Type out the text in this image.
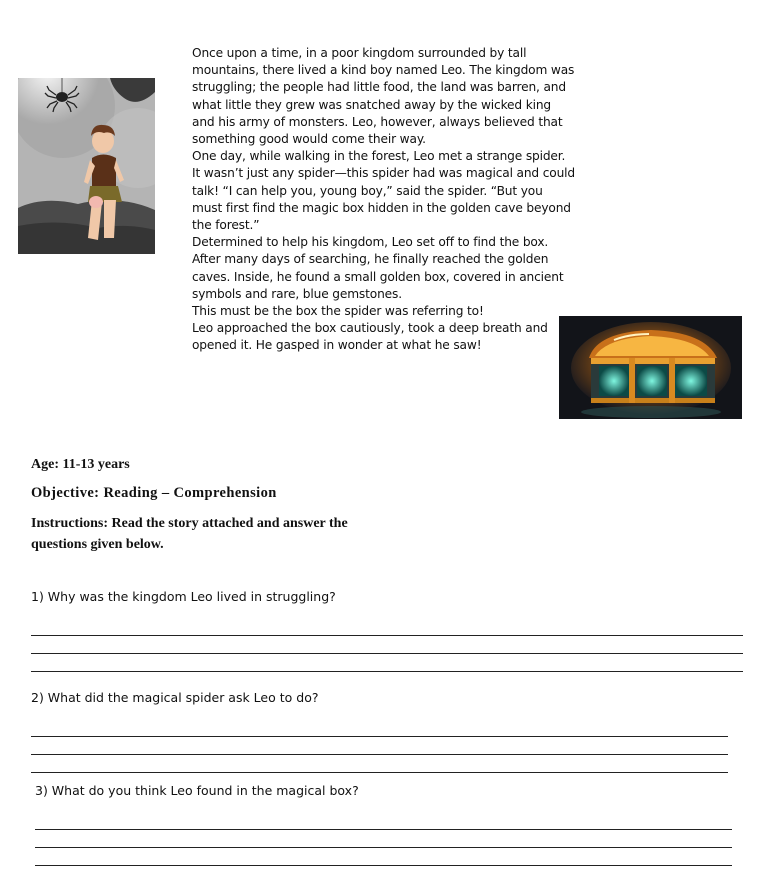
Once upon a time, in a poor kingdom surrounded by tall mountains, there lived a kind boy named Leo. The kingdom was struggling; the people had little food, the land was barren, and what little they grew was snatched away by the wicked king and his army of monsters. Leo, however, always believed that something good would come their way.

One day, while walking in the forest, Leo met a strange spider. It wasn’t just any spider—this spider had was magical and could talk! “I can help you, young boy,” said the spider. “But you must first find the magic box hidden in the golden cave beyond the forest.”

Determined to help his kingdom, Leo set off to find the box. After many days of searching, he finally reached the golden caves. Inside, he found a small golden box, covered in ancient symbols and rare, blue gemstones.

This must be the box the spider was referring to!

Leo approached the box cautiously, took a deep breath and opened it. He gasped in wonder at what he saw!

Age: 11-13 years
Objective: Reading – Comprehension
Instructions: Read the story attached and answer the questions given below.
1) Why was the kingdom Leo lived in struggling?
2) What did the magical spider ask Leo to do?
3) What do you think Leo found in the magical box?
